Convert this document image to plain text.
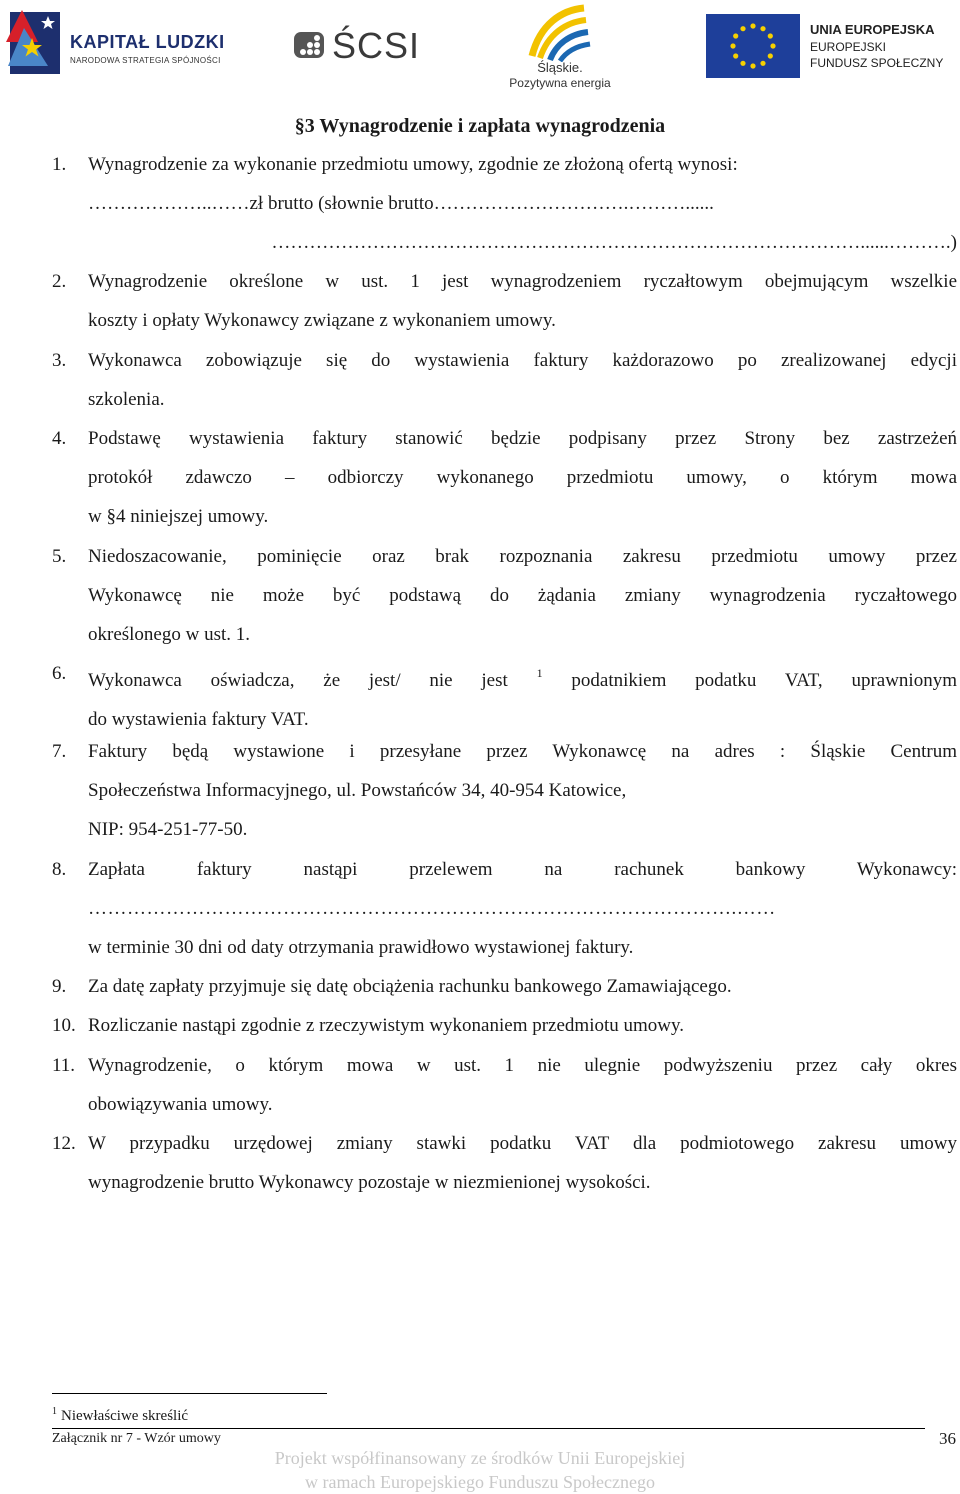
KAPITAŁ LUDZKI
NARODOWA STRATEGIA SPÓJNOŚCI	ŚCSI
Śląskie.
Pozytywna energia
UNIA EUROPEJSKA
EUROPEJSKI
FUNDUSZ SPOŁECZNY
§3 Wynagrodzenie i zapłata wynagrodzenia
1. Wynagrodzenie za wykonanie przedmiotu umowy, zgodnie ze złożoną ofertą wynosi:
………………..……zł brutto (słownie brutto………………………….………......
…………………………………………………………………………………......……….)
2. Wynagrodzenie określone w ust. 1 jest wynagrodzeniem ryczałtowym obejmującym wszelkie
koszty i opłaty Wykonawcy związane z wykonaniem umowy.
3. Wykonawca zobowiązuje się do wystawienia faktury każdorazowo po zrealizowanej edycji
szkolenia.
4. Podstawę wystawienia faktury stanowić będzie podpisany przez Strony bez zastrzeżeń
protokół zdawczo – odbiorczy wykonanego przedmiotu umowy, o którym mowa
w §4 niniejszej umowy.
5. Niedoszacowanie, pominięcie oraz brak rozpoznania zakresu przedmiotu umowy przez
Wykonawcę nie może być podstawą do żądania zmiany wynagrodzenia ryczałtowego
określonego w ust. 1.
6. Wykonawca oświadcza, że jest/ nie jest $^1$ podatnikiem podatku VAT, uprawnionym
do wystawienia faktury VAT.
7. Faktury będą wystawione i przesyłane przez Wykonawcę na adres : Śląskie Centrum
Społeczeństwa Informacyjnego, ul. Powstańców 34, 40-954 Katowice,
NIP: 954-251-77-50.
8. Zapłata faktury nastąpi przelewem na rachunek bankowy Wykonawcy:
……………………………………………………………………………………….……
w terminie 30 dni od daty otrzymania prawidłowo wystawionej faktury.
9. Za datę zapłaty przyjmuje się datę obciążenia rachunku bankowego Zamawiającego.
10. Rozliczanie nastąpi zgodnie z rzeczywistym wykonaniem przedmiotu umowy.
11. Wynagrodzenie, o którym mowa w ust. 1 nie ulegnie podwyższeniu przez cały okres
obowiązywania umowy.
12. W przypadku urzędowej zmiany stawki podatku VAT dla podmiotowego zakresu umowy
wynagrodzenie brutto Wykonawcy pozostaje w niezmienionej wysokości.
$^1$ Niewłaściwe skreślić
Załącznik nr 7 - Wzór umowy	36
Projekt współfinansowany ze środków Unii Europejskiej
w ramach Europejskiego Funduszu Społecznego
